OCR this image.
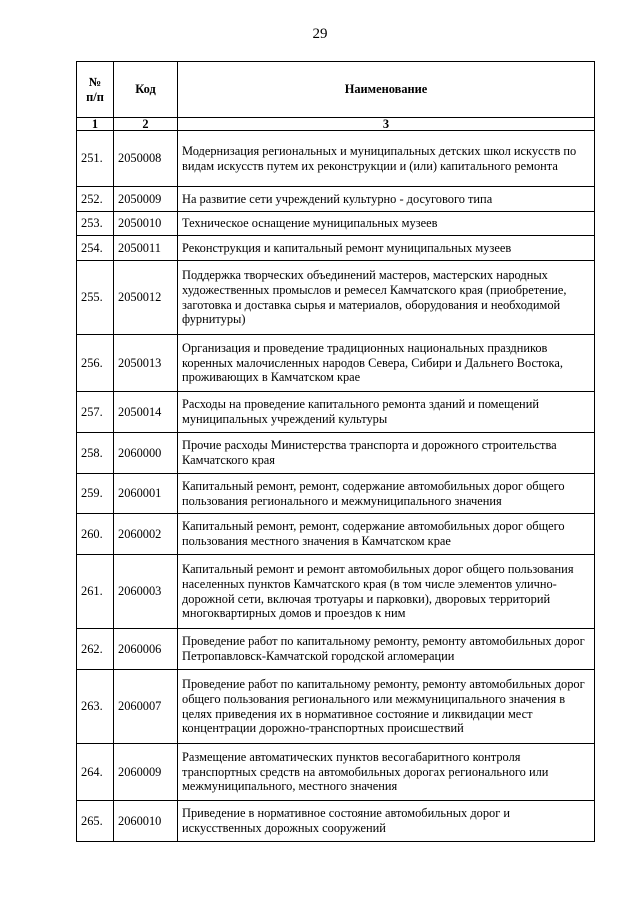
29
№
п/п	Код	Наименование
1	2	3
251.	2050008	Модернизация региональных и муниципальных детских школ искусств по видам искусств путем их реконструкции и (или) капитального ремонта
252.	2050009	На развитие сети учреждений культурно - досугового типа
253.	2050010	Техническое оснащение муниципальных музеев
254.	2050011	Реконструкция и капитальный ремонт муниципальных музеев
255.	2050012	Поддержка творческих объединений мастеров, мастерских народных художественных промыслов и ремесел Камчатского края (приобретение, заготовка и доставка сырья и материалов, оборудования и необходимой фурнитуры)
256.	2050013	Организация и проведение традиционных национальных праздников коренных малочисленных народов Севера, Сибири и Дальнего Востока, проживающих в Камчатском крае
257.	2050014	Расходы на проведение капитального ремонта зданий и помещений муниципальных учреждений культуры
258.	2060000	Прочие расходы Министерства транспорта и дорожного строительства Камчатского края
259.	2060001	Капитальный ремонт, ремонт, содержание автомобильных дорог общего пользования регионального и межмуниципального значения
260.	2060002	Капитальный ремонт, ремонт, содержание автомобильных дорог общего пользования местного значения в Камчатском крае
261.	2060003	Капитальный ремонт и ремонт автомобильных дорог общего пользования населенных пунктов Камчатского края (в том числе элементов улично-дорожной сети, включая тротуары и парковки), дворовых территорий многоквартирных домов и проездов к ним
262.	2060006	Проведение работ по капитальному ремонту, ремонту автомобильных дорог Петропавловск-Камчатской городской агломерации
263.	2060007	Проведение работ по капитальному ремонту, ремонту автомобильных дорог общего пользования регионального или межмуниципального значения в целях приведения их в нормативное состояние и ликвидации мест концентрации дорожно-транспортных происшествий
264.	2060009	Размещение автоматических пунктов весогабаритного контроля транспортных средств на автомобильных дорогах регионального или межмуниципального, местного значения
265.	2060010	Приведение в нормативное состояние автомобильных дорог и искусственных дорожных сооружений
